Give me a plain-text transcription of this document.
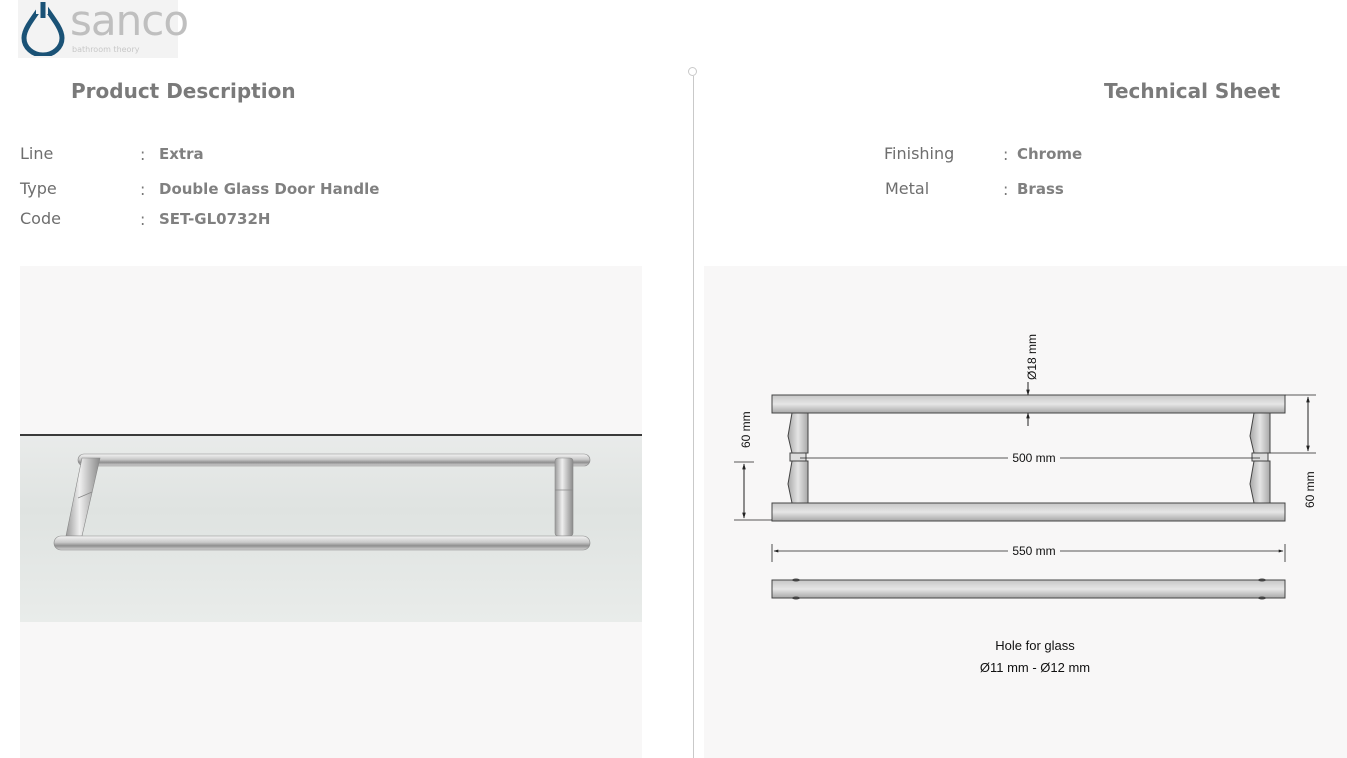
sanco
bathroom theory
Product Description	Technical Sheet
Line	: Extra
Type	: Double Glass Door Handle
Code	: SET-GL0732H
Finishing	: Chrome
Metal	: Brass
Ø18 mm
60 mm
60 mm
500 mm
550 mm
Hole for glass
Ø11 mm - Ø12 mm
